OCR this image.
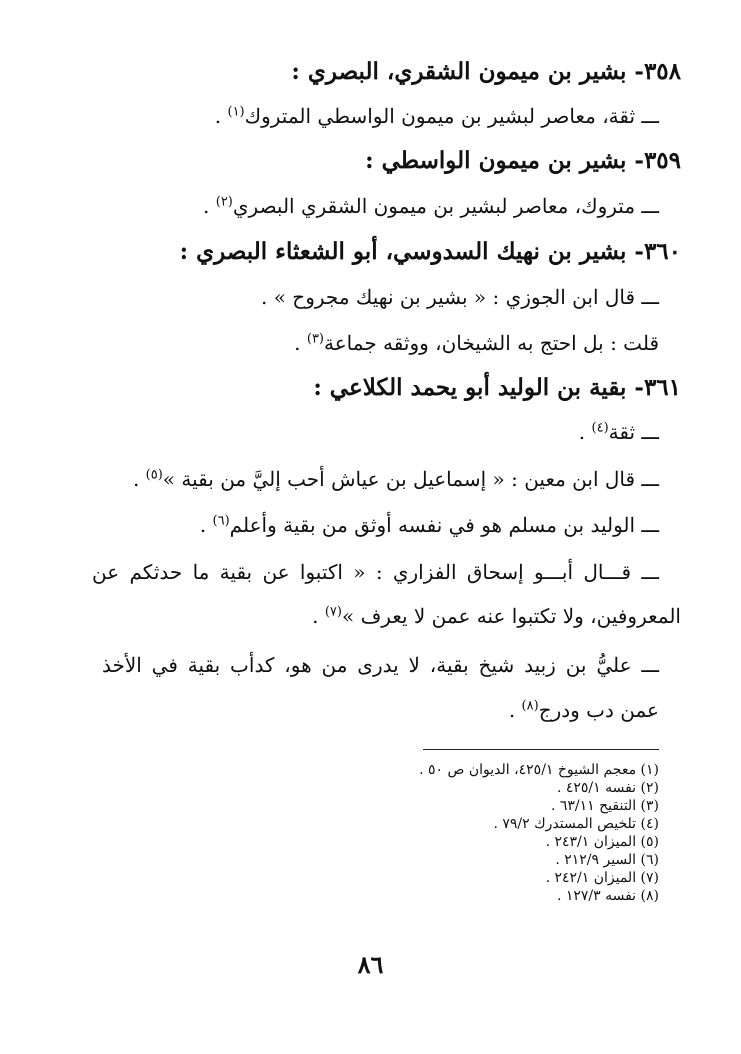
٣٥٨- بشير بن ميمون الشقري، البصري :
ـــ ثقة، معاصر لبشير بن ميمون الواسطي المتروك$^{(١)}$ .
٣٥٩- بشير بن ميمون الواسطي :
ـــ متروك، معاصر لبشير بن ميمون الشقري البصري$^{(٢)}$ .
٣٦٠- بشير بن نهيك السدوسي، أبو الشعثاء البصري :
ـــ قال ابن الجوزي : « بشير بن نهيك مجروح » .
قلت : بل احتج به الشيخان، ووثقه جماعة$^{(٣)}$ .
٣٦١- بقية بن الوليد أبو يحمد الكلاعي :
ـــ ثقة$^{(٤)}$ .
ـــ قال ابن معين : « إسماعيل بن عياش أحب إليَّ من بقية »$^{(٥)}$ .
ـــ الوليد بن مسلم هو في نفسه أوثق من بقية وأعلم$^{(٦)}$ .
ـــ قـــال أبـــو إسحاق الفزاري : « اكتبوا عن بقية ما حدثكم عن
المعروفين، ولا تكتبوا عنه عمن لا يعرف »$^{(٧)}$ .
ـــ عليُّ بن زبيد شيخ بقية، لا يدرى من هو، كدأب بقية في الأخذ
عمن دب ودرج$^{(٨)}$ .
(١) معجم الشيوخ ٤٢٥/١، الديوان ص ٥٠ .
(٢) نفسه ٤٢٥/١ .
(٣) التنقيح ٦٣/١١ .
(٤) تلخيص المستدرك ٧٩/٢ .
(٥) الميزان ٢٤٣/١ .
(٦) السير ٢١٢/٩ .
(٧) الميزان ٢٤٢/١ .
(٨) نفسه ١٢٧/٣ .
٨٦
